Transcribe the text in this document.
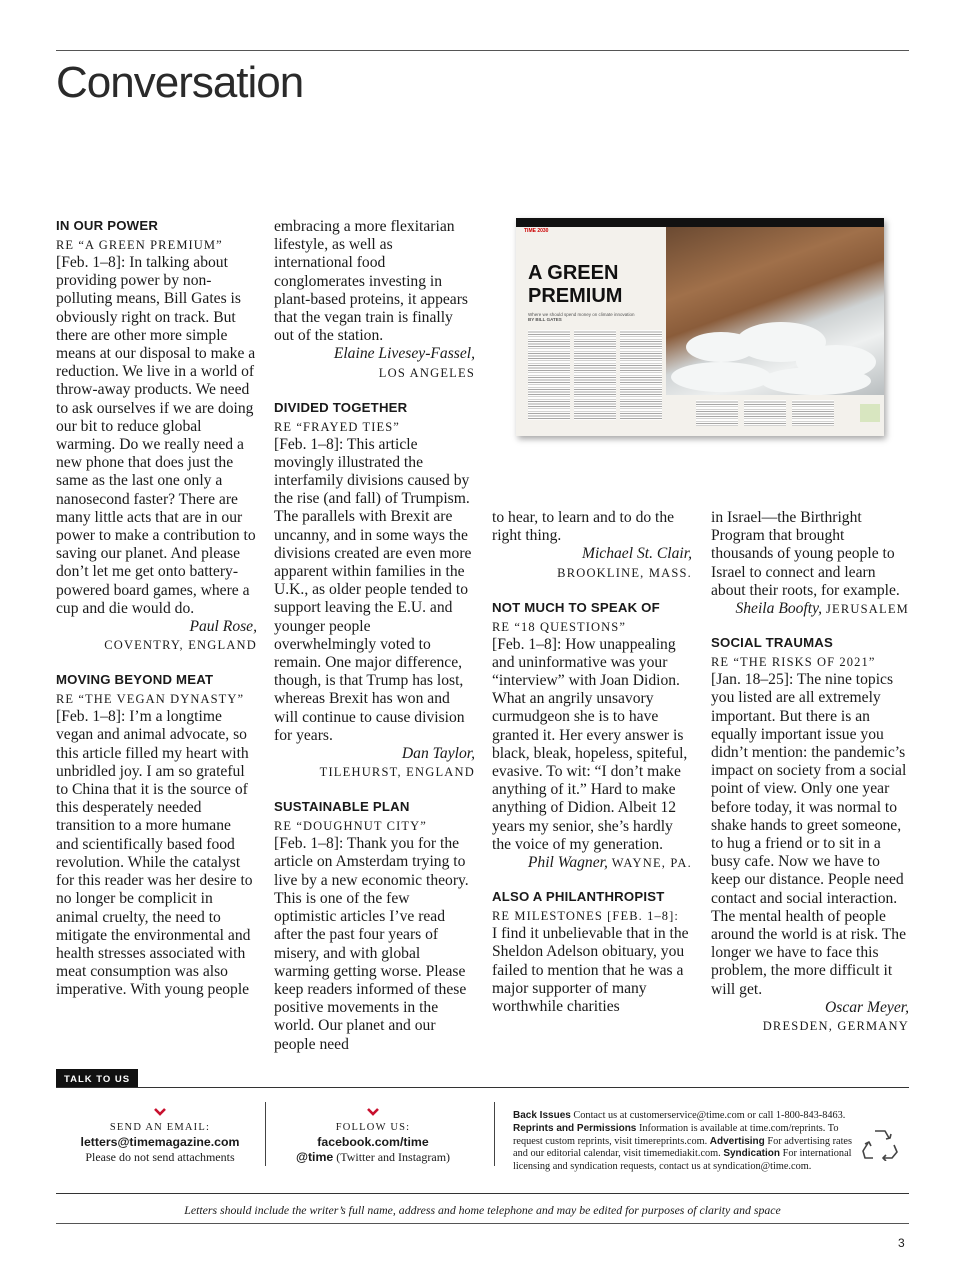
Conversation
IN OUR POWER
RE “A GREEN PREMIUM”

[Feb. 1–8]: In talking about providing power by non-polluting means, Bill Gates is obviously right on track. But there are other more simple means at our disposal to make a reduction. We live in a world of throw-away products. We need to ask ourselves if we are doing our bit to reduce global warming. Do we really need a new phone that does just the same as the last one only a nanosecond faster? There are many little acts that are in our power to make a contribution to saving our planet. And please don’t let me get onto battery-powered board games, where a cup and die would do.

Paul Rose,
COVENTRY, ENGLAND
MOVING BEYOND MEAT
RE “THE VEGAN DYNASTY”

[Feb. 1–8]: I’m a longtime vegan and animal advocate, so this article filled my heart with unbridled joy. I am so grateful to China that it is the source of this desperately needed transition to a more humane and scientifically based food revolution. While the catalyst for this reader was her desire to no longer be complicit in animal cruelty, the need to mitigate the environmental and health stresses associated with meat consumption was also imperative. With young people

embracing a more flexitarian lifestyle, as well as international food conglomerates investing in plant-based proteins, it appears that the vegan train is finally out of the station.

Elaine Livesey-Fassel,
LOS ANGELES
DIVIDED TOGETHER
RE “FRAYED TIES”

[Feb. 1–8]: This article movingly illustrated the interfamily divisions caused by the rise (and fall) of Trumpism. The parallels with Brexit are uncanny, and in some ways the divisions created are even more apparent within families in the U.K., as older people tended to support leaving the E.U. and younger people overwhelmingly voted to remain. One major difference, though, is that Trump has lost, whereas Brexit has won and will continue to cause division for years.

Dan Taylor,
TILEHURST, ENGLAND
SUSTAINABLE PLAN
RE “DOUGHNUT CITY”

[Feb. 1–8]: Thank you for the article on Amsterdam trying to live by a new economic theory. This is one of the few optimistic articles I’ve read after the past four years of misery, and with global warming getting worse. Please keep readers informed of these positive movements in the world. Our planet and our people need

TIME 2030
A GREEN PREMIUM
Where we should spend money on climate innovation
BY BILL GATES

to hear, to learn and to do the right thing.

Michael St. Clair,
BROOKLINE, MASS.
NOT MUCH TO SPEAK OF
RE “18 QUESTIONS”

[Feb. 1–8]: How unappealing and uninformative was your “interview” with Joan Didion. What an angrily unsavory curmudgeon she is to have granted it. Her every answer is black, bleak, hopeless, spiteful, evasive. To wit: “I don’t make anything of it.” Hard to make anything of Didion. Albeit 12 years my senior, she’s hardly the voice of my generation.

Phil Wagner, WAYNE, PA.
ALSO A PHILANTHROPIST
RE MILESTONES [FEB. 1–8]:

I find it unbelievable that in the Sheldon Adelson obituary, you failed to mention that he was a major supporter of many worthwhile charities

in Israel—the Birthright Program that brought thousands of young people to Israel to connect and learn about their roots, for example.

Sheila Boofty, JERUSALEM
SOCIAL TRAUMAS
RE “THE RISKS OF 2021”

[Jan. 18–25]: The nine topics you listed are all extremely important. But there is an equally important issue you didn’t mention: the pandemic’s impact on society from a social point of view. Only one year before today, it was normal to shake hands to greet someone, to hug a friend or to sit in a busy cafe. Now we have to keep our distance. People need contact and social interaction. The mental health of people around the world is at risk. The longer we have to face this problem, the more difficult it will get.

Oscar Meyer,
DRESDEN, GERMANY
TALK TO US
SEND AN EMAIL:
letters@timemagazine.com
Please do not send attachments
FOLLOW US:
facebook.com/time
@time (Twitter and Instagram)
Back Issues Contact us at customerservice@time.com or call 1-800-843-8463. Reprints and Permissions Information is available at time.com/reprints. To request custom reprints, visit timereprints.com. Advertising For advertising rates and our editorial calendar, visit timemediakit.com. Syndication For international licensing and syndication requests, contact us at syndication@time.com.
Letters should include the writer’s full name, address and home telephone and may be edited for purposes of clarity and space
3
